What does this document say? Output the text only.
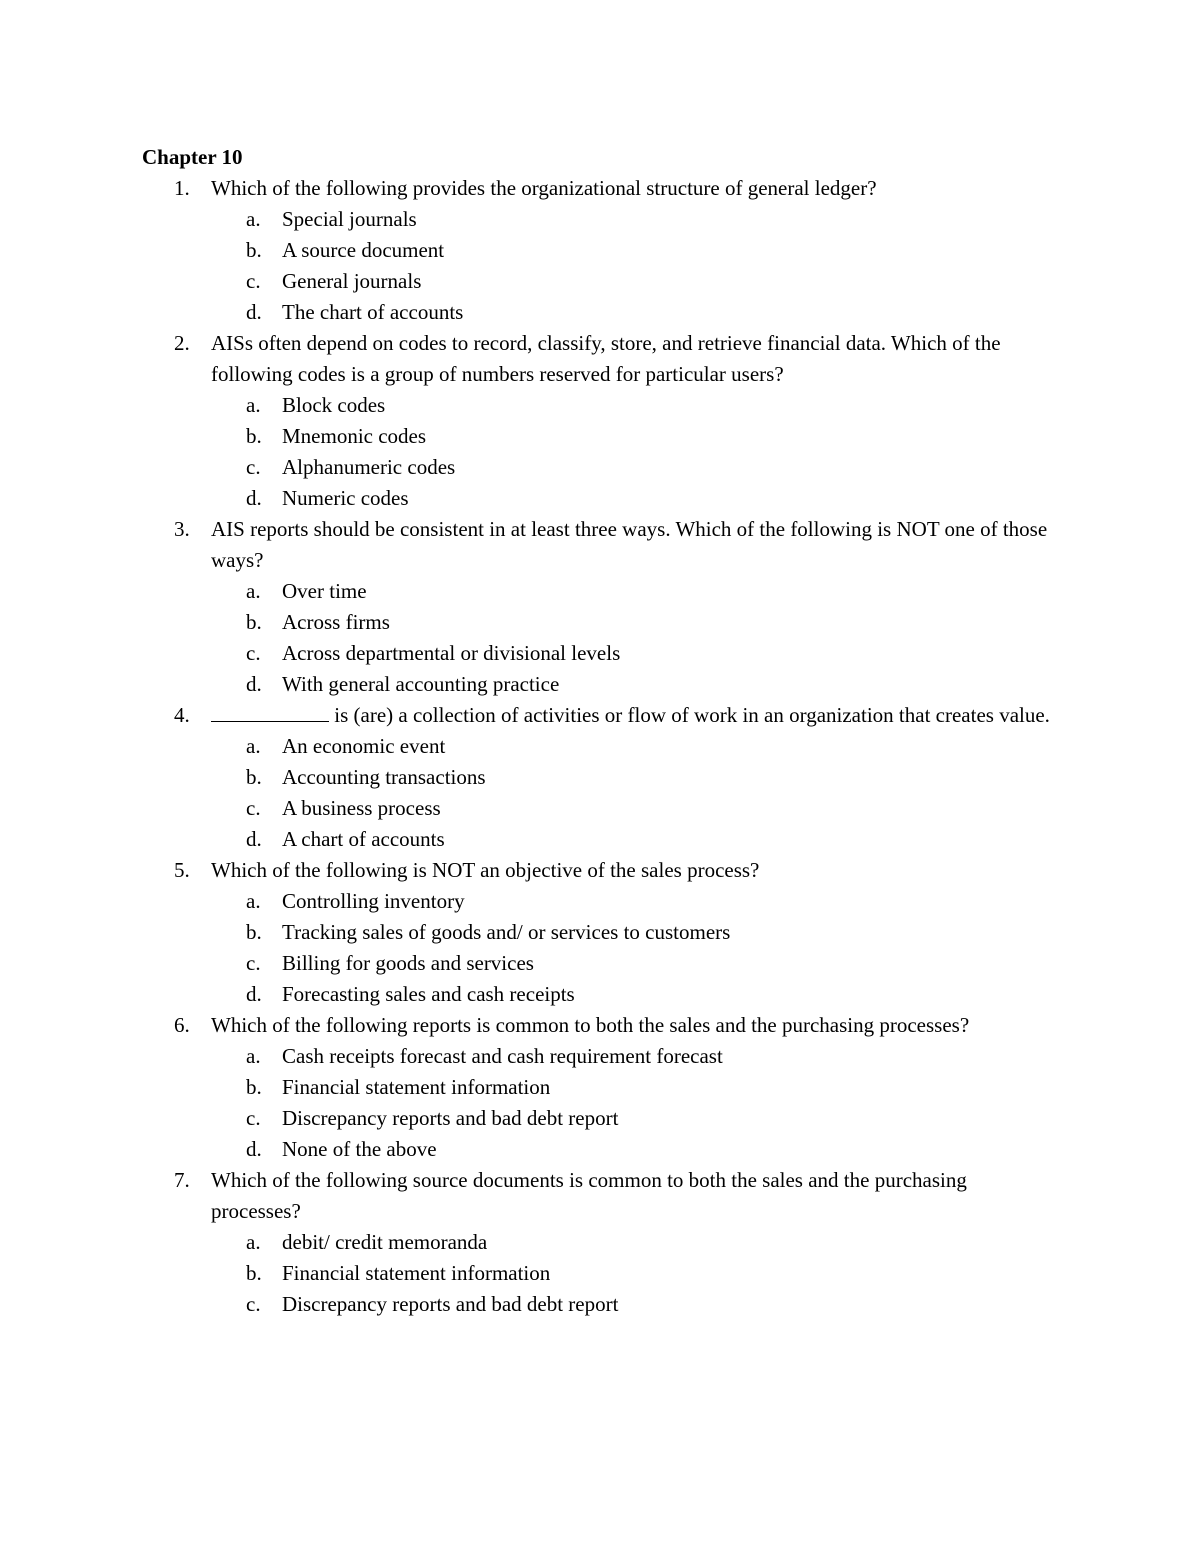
Chapter 10
1. Which of the following provides the organizational structure of general ledger?
a. Special journals
b. A source document
c. General journals
d. The chart of accounts
2. AISs often depend on codes to record, classify, store, and retrieve financial data. Which of the following codes is a group of numbers reserved for particular users?
a. Block codes
b. Mnemonic codes
c. Alphanumeric codes
d. Numeric codes
3. AIS reports should be consistent in at least three ways. Which of the following is NOT one of those ways?
a. Over time
b. Across firms
c. Across departmental or divisional levels
d. With general accounting practice
4.	is (are) a collection of activities or flow of work in an organization that creates value.
a. An economic event
b. Accounting transactions
c. A business process
d. A chart of accounts
5. Which of the following is NOT an objective of the sales process?
a. Controlling inventory
b. Tracking sales of goods and/ or services to customers
c. Billing for goods and services
d. Forecasting sales and cash receipts
6. Which of the following reports is common to both the sales and the purchasing processes?
a. Cash receipts forecast and cash requirement forecast
b. Financial statement information
c. Discrepancy reports and bad debt report
d. None of the above
7. Which of the following source documents is common to both the sales and the purchasing processes?
a. debit/ credit memoranda
b. Financial statement information
c. Discrepancy reports and bad debt report
